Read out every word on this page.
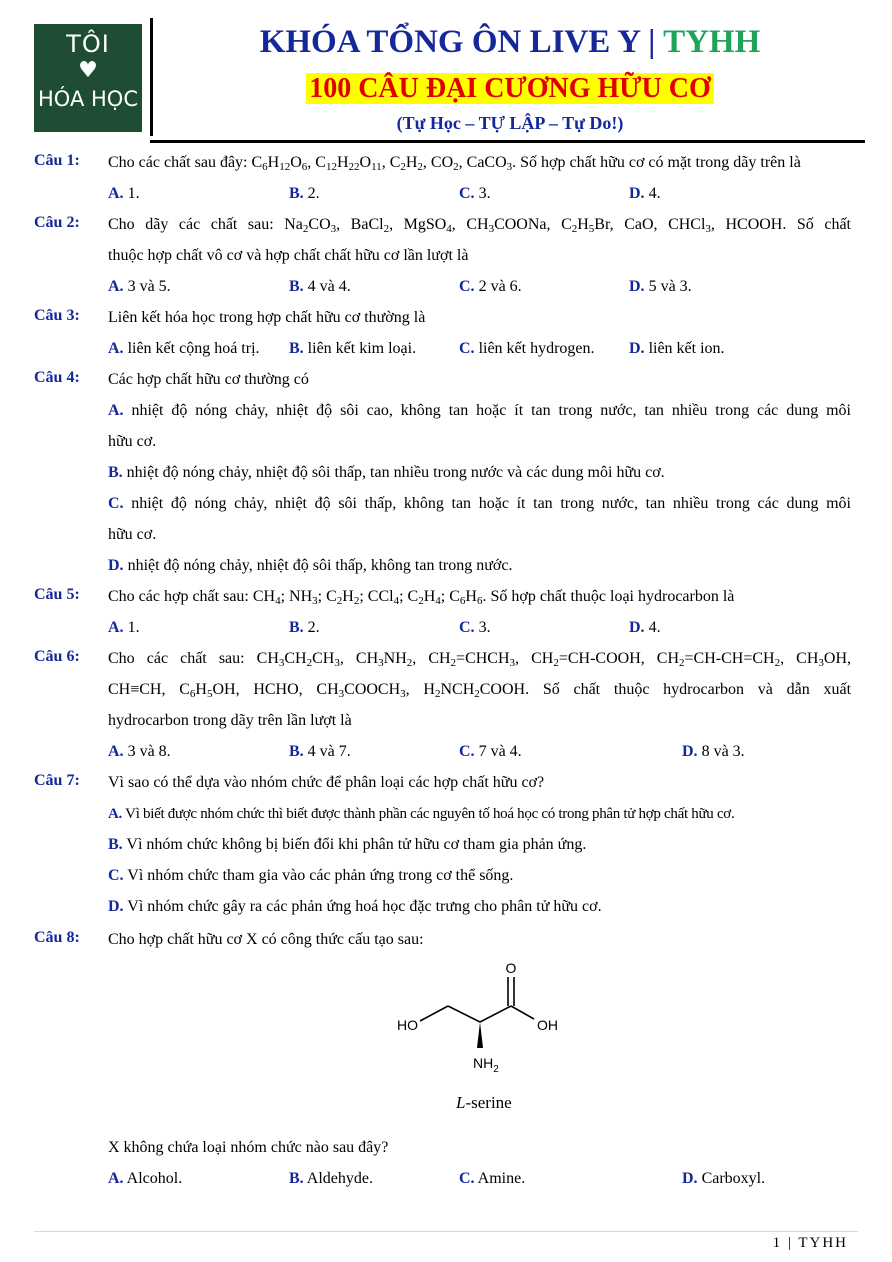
TÔI
♥
HÓA HỌC
KHÓA TỔNG ÔN LIVE Y | TYHH
100 CÂU ĐẠI CƯƠNG HỮU CƠ
(Tự Học – TỰ LẬP – Tự Do!)
Câu 1: Cho các chất sau đây: $C_6H_{12}O_6$, $C_{12}H_{22}O_{11}$, $C_2H_2$, $CO_2$, CaCO$_3$. Số hợp chất hữu cơ có mặt trong dãy trên là
A. 1.	B. 2.	C. 3.	D. 4.
Câu 2: Cho dãy các chất sau: $Na_2CO_3$, BaCl$_2$, MgSO$_4$, $CH_3COONa$, $C_2H_5Br$, CaO, CHCl$_3$, HCOOH. Số chất
thuộc hợp chất vô cơ và hợp chất chất hữu cơ lần lượt là
A. 3 và 5.	B. 4 và 4.	C. 2 và 6.	D. 5 và 3.
Câu 3: Liên kết hóa học trong hợp chất hữu cơ thường là
A. liên kết cộng hoá trị. B. liên kết kim loại.	C. liên kết hydrogen. D. liên kết ion.
Câu 4: Các hợp chất hữu cơ thường có
A. nhiệt độ nóng chảy, nhiệt độ sôi cao, không tan hoặc ít tan trong nước, tan nhiều trong các dung môi
hữu cơ.
B. nhiệt độ nóng chảy, nhiệt độ sôi thấp, tan nhiều trong nước và các dung môi hữu cơ.
C. nhiệt độ nóng chảy, nhiệt độ sôi thấp, không tan hoặc ít tan trong nước, tan nhiều trong các dung môi
hữu cơ.
D. nhiệt độ nóng chảy, nhiệt độ sôi thấp, không tan trong nước.
Câu 5: Cho các hợp chất sau: $CH_4$; $NH_3$; $C_2H_2$; CCl$_4$; $C_2H_4$; $C_6H_6$. Số hợp chất thuộc loại hydrocarbon là
A. 1.	B. 2.	C. 3.	D. 4.
Câu 6: Cho các chất sau: $CH_3CH_2CH_3$, $CH_3NH_2$, $CH_2=CHCH_3$, $CH_2=CH$-COOH, $CH_2=CH-CH=CH_2$, $CH_3OH$,
CH≡CH, $C_6H_5OH$, HCHO, $CH_3COOCH_3$, $H_2NCH_2COOH$. Số chất thuộc hydrocarbon và dẫn xuất
hydrocarbon trong dãy trên lần lượt là
A. 3 và 8.	B. 4 và 7.	C. 7 và 4.	D. 8 và 3.
Câu 7: Vì sao có thể dựa vào nhóm chức để phân loại các hợp chất hữu cơ?
A. Vì biết được nhóm chức thì biết được thành phần các nguyên tố hoá học có trong phân tử hợp chất hữu cơ.
B. Vì nhóm chức không bị biến đổi khi phân tử hữu cơ tham gia phản ứng.
C. Vì nhóm chức tham gia vào các phản ứng trong cơ thể sống.
D. Vì nhóm chức gây ra các phản ứng hoá học đặc trưng cho phân tử hữu cơ.
Câu 8: Cho hợp chất hữu cơ X có công thức cấu tạo sau:
O
HO	OH
$NH_2$
L-serine
X không chứa loại nhóm chức nào sau đây?
A. Alcohol.	B. Aldehyde.	C. Amine.	D. Carboxyl.
1 | TYHH
